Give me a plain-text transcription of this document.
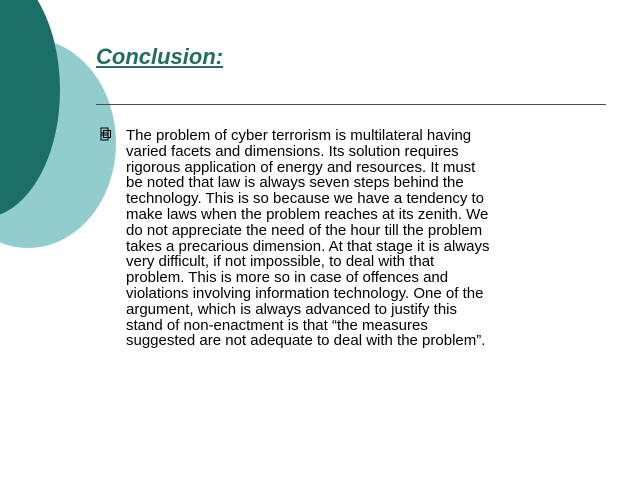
Conclusion:

The problem of cyber terrorism is multilateral having
varied facets and dimensions. Its solution requires
rigorous application of energy and resources. It must
be noted that law is always seven steps behind the
technology. This is so because we have a tendency to
make laws when the problem reaches at its zenith. We
do not appreciate the need of the hour till the problem
takes a precarious dimension. At that stage it is always
very difficult, if not impossible, to deal with that
problem. This is more so in case of offences and
violations involving information technology. One of the
argument, which is always advanced to justify this
stand of non-enactment is that “the measures
suggested are not adequate to deal with the problem”.
